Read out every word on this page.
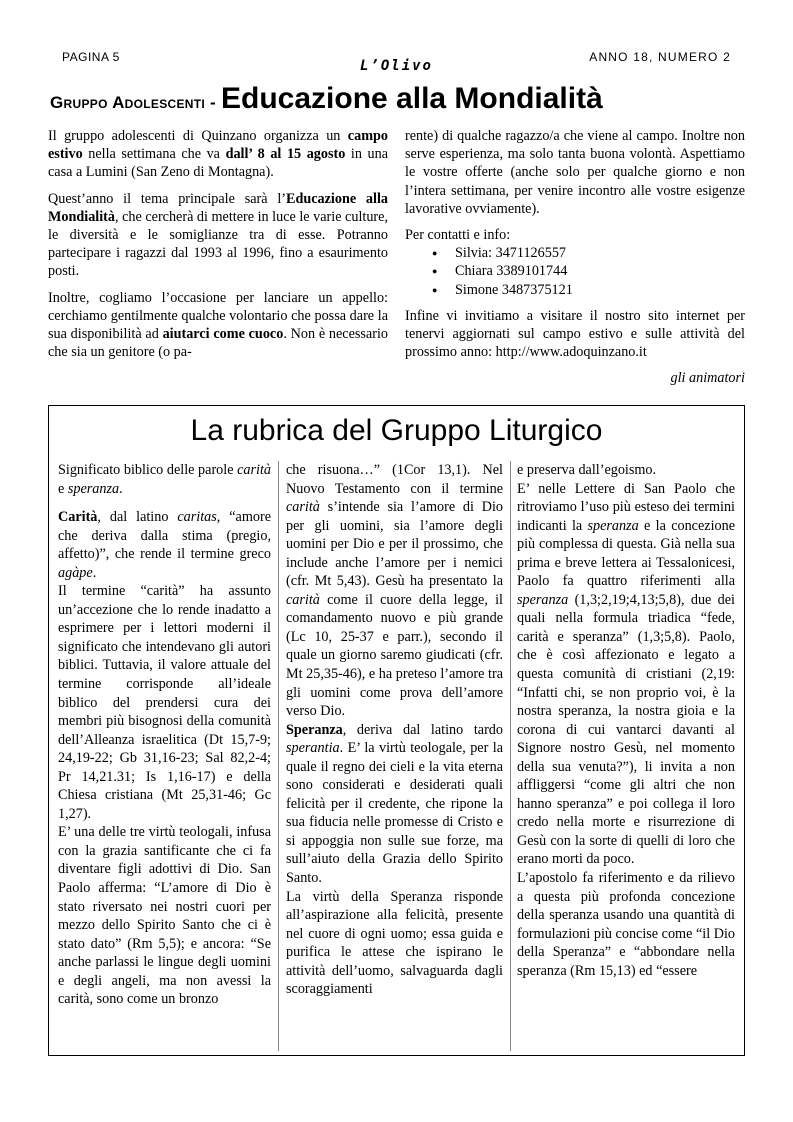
PAGINA 5
L’Olivo
ANNO 18, NUMERO 2
Gruppo Adolescenti - Educazione alla Mondialità

Il gruppo adolescenti di Quinzano organizza un campo estivo nella settimana che va dall’ 8 al 15 agosto in una casa a Lumini (San Zeno di Montagna).

Quest’anno il tema principale sarà l’Educazione alla Mondialità, che cercherà di mettere in luce le varie culture, le diversità e le somiglianze tra di esse. Potranno partecipare i ragazzi dal 1993 al 1996, fino a esaurimento posti.

Inoltre, cogliamo l’occasione per lanciare un appello: cerchiamo gentilmente qualche volontario che possa dare la sua disponibilità ad aiutarci come cuoco. Non è necessario che sia un genitore (o pa-

rente) di qualche ragazzo/a che viene al campo. Inoltre non serve esperienza, ma solo tanta buona volontà. Aspettiamo le vostre offerte (anche solo per qualche giorno e non l’intera settimana, per venire incontro alle vostre esigenze lavorative ovviamente).

Per contatti e info:
● Silvia: 3471126557
● Chiara 3389101744
● Simone 3487375121

Infine vi invitiamo a visitare il nostro sito internet per tenervi aggiornati sul campo estivo e sulle attività del prossimo anno: http://www.adoquinzano.it

gli animatori

La rubrica del Gruppo Liturgico

Significato biblico delle parole carità e speranza.
Carità, dal latino caritas, “amore che deriva dalla stima (pregio, affetto)”, che rende il termine greco agàpe.
Il termine “carità” ha assunto un’accezione che lo rende inadatto a esprimere per i lettori moderni il significato che intendevano gli autori biblici. Tuttavia, il valore attuale del termine corrisponde all’ideale biblico del prendersi cura dei membri più bisognosi della comunità dell’Alleanza israelitica (Dt 15,7-9; 24,19-22; Gb 31,16-23; Sal 82,2-4; Pr 14,21.31; Is 1,16-17) e della Chiesa cristiana (Mt 25,31-46; Gc 1,27).
E’ una delle tre virtù teologali, infusa con la grazia santificante che ci fa diventare figli adottivi di Dio. San Paolo afferma: “L’amore di Dio è stato riversato nei nostri cuori per mezzo dello Spirito Santo che ci è stato dato” (Rm 5,5); e ancora: “Se anche parlassi le lingue degli uomini e degli angeli, ma non avessi la carità, sono come un bronzo

che risuona…” (1Cor 13,1). Nel Nuovo Testamento con il termine carità s’intende sia l’amore di Dio per gli uomini, sia l’amore degli uomini per Dio e per il prossimo, che include anche l’amore per i nemici (cfr. Mt 5,43). Gesù ha presentato la carità come il cuore della legge, il comandamento nuovo e più grande (Lc 10, 25-37 e parr.), secondo il quale un giorno saremo giudicati (cfr. Mt 25,35-46), e ha preteso l’amore tra gli uomini come prova dell’amore verso Dio.
Speranza, deriva dal latino tardo sperantia. E’ la virtù teologale, per la quale il regno dei cieli e la vita eterna sono considerati e desiderati quali felicità per il credente, che ripone la sua fiducia nelle promesse di Cristo e si appoggia non sulle sue forze, ma sull’aiuto della Grazia dello Spirito Santo.
La virtù della Speranza risponde all’aspirazione alla felicità, presente nel cuore di ogni uomo; essa guida e purifica le attese che ispirano le attività dell’uomo, salvaguarda dagli scoraggiamenti

e preserva dall’egoismo.
E’ nelle Lettere di San Paolo che ritroviamo l’uso più esteso dei termini indicanti la speranza e la concezione più complessa di questa. Già nella sua prima e breve lettera ai Tessalonicesi, Paolo fa quattro riferimenti alla speranza (1,3;2,19;4,13;5,8), due dei quali nella formula triadica “fede, carità e speranza” (1,3;5,8). Paolo, che è così affezionato e legato a questa comunità di cristiani (2,19: “Infatti chi, se non proprio voi, è la nostra speranza, la nostra gioia e la corona di cui vantarci davanti al Signore nostro Gesù, nel momento della sua venuta?”), li invita a non affliggersi “come gli altri che non hanno speranza” e poi collega il loro credo nella morte e risurrezione di Gesù con la sorte di quelli di loro che erano morti da poco.
L’apostolo fa riferimento e da rilievo a questa più profonda concezione della speranza usando una quantità di formulazioni più concise come “il Dio della Speranza” e “abbondare nella speranza (Rm 15,13) ed “essere
